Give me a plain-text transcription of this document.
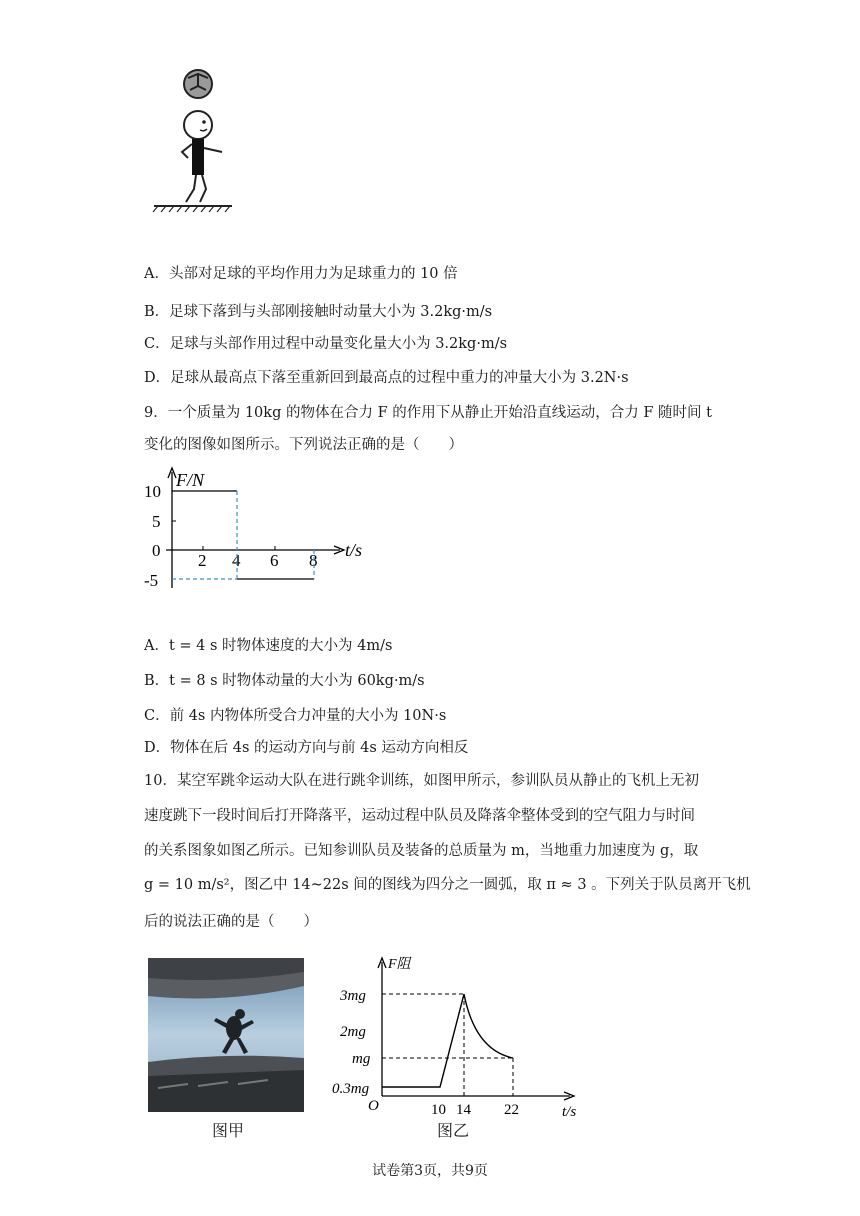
A．头部对足球的平均作用力为足球重力的 10 倍
B．足球下落到与头部刚接触时动量大小为 3.2kg·m/s
C．足球与头部作用过程中动量变化量大小为 3.2kg·m/s
D．足球从最高点下落至重新回到最高点的过程中重力的冲量大小为 3.2N·s
9．一个质量为 10kg 的物体在合力 F 的作用下从静止开始沿直线运动，合力 F 随时间 t
变化的图像如图所示。下列说法正确的是（　　）
10
5
0
-5
2 4 6 8
F/N
t/s
A．t = 4 s 时物体速度的大小为 4m/s
B．t = 8 s 时物体动量的大小为 60kg·m/s
C．前 4s 内物体所受合力冲量的大小为 10N·s
D．物体在后 4s 的运动方向与前 4s 运动方向相反
10．某空军跳伞运动大队在进行跳伞训练，如图甲所示，参训队员从静止的飞机上无初
速度跳下一段时间后打开降落平，运动过程中队员及降落伞整体受到的空气阻力与时间
的关系图象如图乙所示。已知参训队员及装备的总质量为 m，当地重力加速度为 g，取
g = 10 m/s²，图乙中 14~22s 间的图线为四分之一圆弧，取 π ≈ 3 。下列关于队员离开飞机
后的说法正确的是（　　）
F阻
t/s
O
3mg
2mg
mg
0.3mg
10 14 22
图甲	图乙
试卷第3页，共9页
